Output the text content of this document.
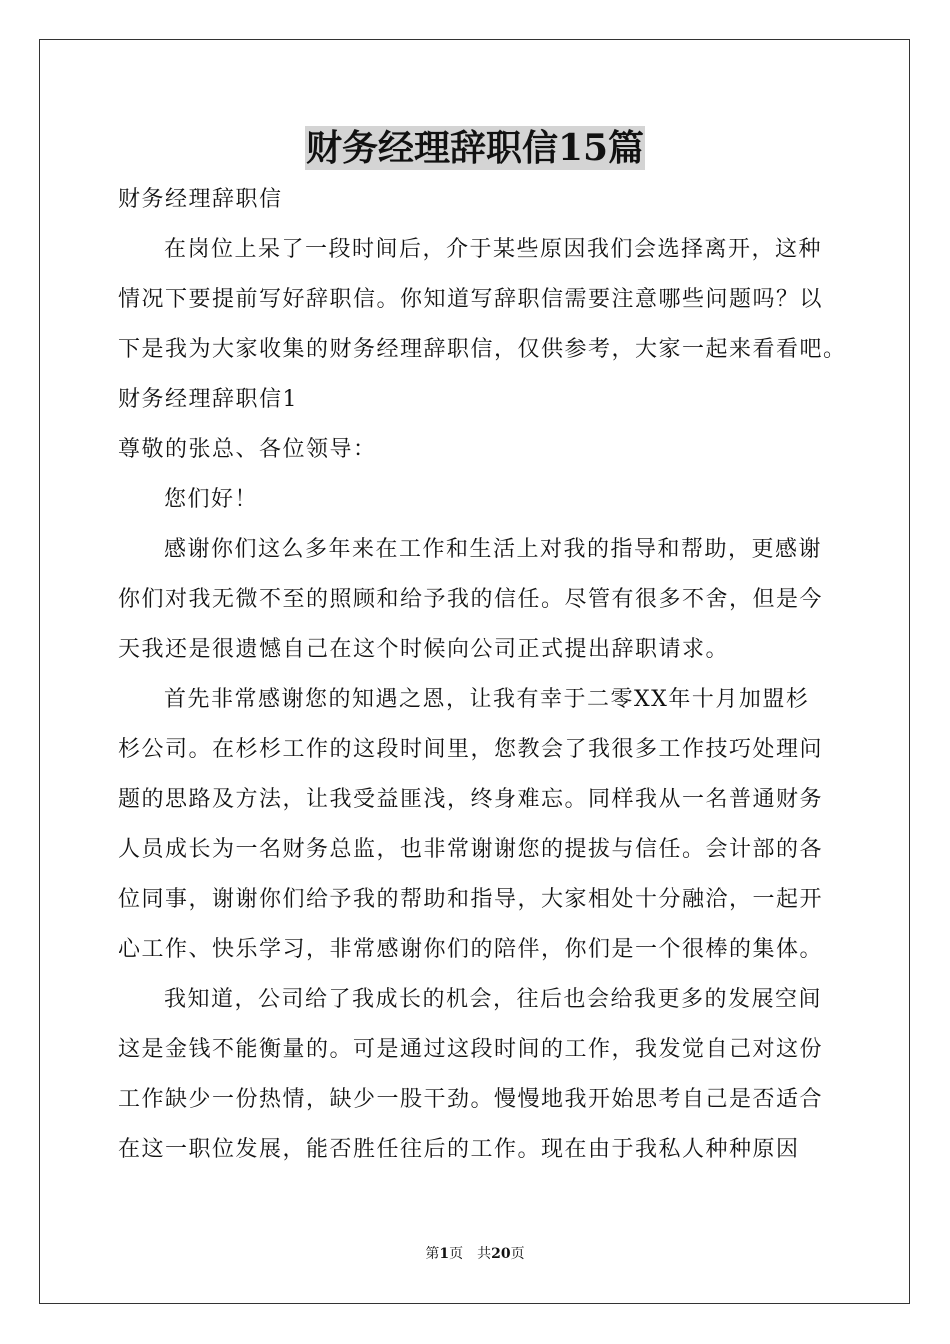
财务经理辞职信15篇
财务经理辞职信
在岗位上呆了一段时间后，介于某些原因我们会选择离开，这种
情况下要提前写好辞职信。你知道写辞职信需要注意哪些问题吗？以
下是我为大家收集的财务经理辞职信，仅供参考，大家一起来看看吧。
财务经理辞职信1
尊敬的张总、各位领导：
您们好！
感谢你们这么多年来在工作和生活上对我的指导和帮助，更感谢
你们对我无微不至的照顾和给予我的信任。尽管有很多不舍，但是今
天我还是很遗憾自己在这个时候向公司正式提出辞职请求。
首先非常感谢您的知遇之恩，让我有幸于二零XX年十月加盟杉
杉公司。在杉杉工作的这段时间里，您教会了我很多工作技巧处理问
题的思路及方法，让我受益匪浅，终身难忘。同样我从一名普通财务
人员成长为一名财务总监，也非常谢谢您的提拔与信任。会计部的各
位同事，谢谢你们给予我的帮助和指导，大家相处十分融洽，一起开
心工作、快乐学习，非常感谢你们的陪伴，你们是一个很棒的集体。
我知道，公司给了我成长的机会，往后也会给我更多的发展空间
这是金钱不能衡量的。可是通过这段时间的工作，我发觉自己对这份
工作缺少一份热情，缺少一股干劲。慢慢地我开始思考自己是否适合
在这一职位发展，能否胜任往后的工作。现在由于我私人种种原因
第1页　共20页
